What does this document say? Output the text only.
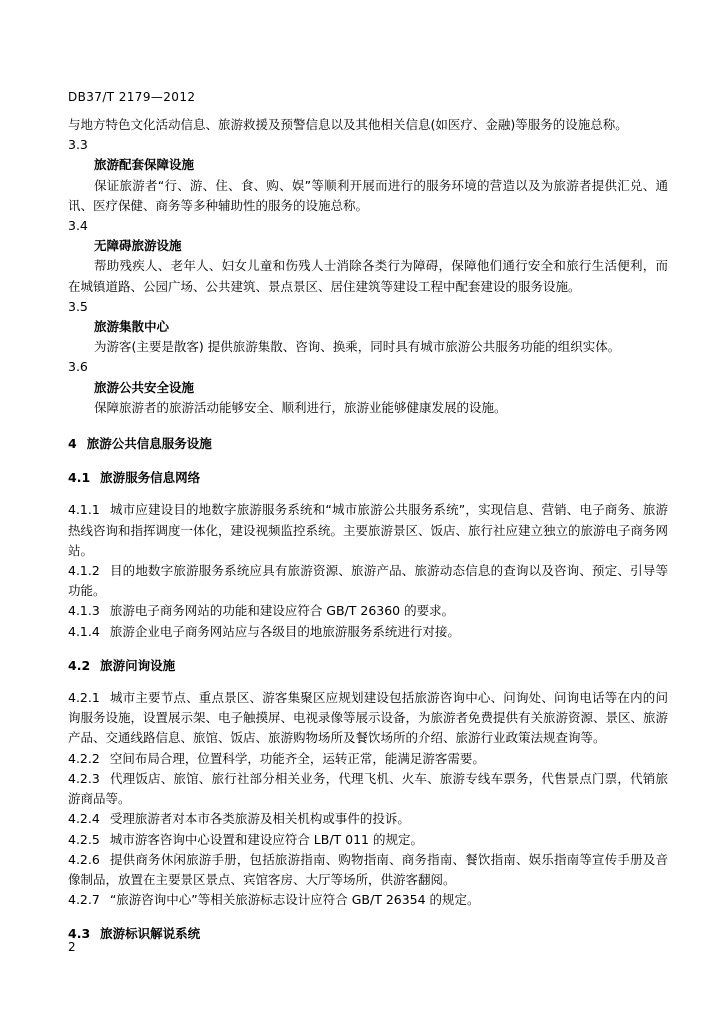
DB37/T 2179—2012
与地方特色文化活动信息、旅游救援及预警信息以及其他相关信息(如医疗、金融)等服务的设施总称。
3.3
旅游配套保障设施
保证旅游者“行、游、住、食、购、娱”等顺利开展而进行的服务环境的营造以及为旅游者提供汇兑、通讯、医疗保健、商务等多种辅助性的服务的设施总称。
3.4
无障碍旅游设施
帮助残疾人、老年人、妇女儿童和伤残人士消除各类行为障碍，保障他们通行安全和旅行生活便利，而在城镇道路、公园广场、公共建筑、景点景区、居住建筑等建设工程中配套建设的服务设施。
3.5
旅游集散中心
为游客(主要是散客) 提供旅游集散、咨询、换乘，同时具有城市旅游公共服务功能的组织实体。
3.6
旅游公共安全设施
保障旅游者的旅游活动能够安全、顺利进行，旅游业能够健康发展的设施。
4 旅游公共信息服务设施
4.1 旅游服务信息网络
4.1.1 城市应建设目的地数字旅游服务系统和“城市旅游公共服务系统”，实现信息、营销、电子商务、旅游热线咨询和指挥调度一体化，建设视频监控系统。主要旅游景区、饭店、旅行社应建立独立的旅游电子商务网站。
4.1.2 目的地数字旅游服务系统应具有旅游资源、旅游产品、旅游动态信息的查询以及咨询、预定、引导等功能。
4.1.3 旅游电子商务网站的功能和建设应符合 GB/T 26360 的要求。
4.1.4 旅游企业电子商务网站应与各级目的地旅游服务系统进行对接。
4.2 旅游问询设施
4.2.1 城市主要节点、重点景区、游客集聚区应规划建设包括旅游咨询中心、问询处、问询电话等在内的问询服务设施，设置展示架、电子触摸屏、电视录像等展示设备，为旅游者免费提供有关旅游资源、景区、旅游产品、交通线路信息、旅馆、饭店、旅游购物场所及餐饮场所的介绍、旅游行业政策法规查询等。
4.2.2 空间布局合理，位置科学，功能齐全，运转正常，能满足游客需要。
4.2.3 代理饭店、旅馆、旅行社部分相关业务，代理飞机、火车、旅游专线车票务，代售景点门票，代销旅游商品等。
4.2.4 受理旅游者对本市各类旅游及相关机构或事件的投诉。
4.2.5 城市游客咨询中心设置和建设应符合 LB/T 011 的规定。
4.2.6 提供商务休闲旅游手册，包括旅游指南、购物指南、商务指南、餐饮指南、娱乐指南等宣传手册及音像制品，放置在主要景区景点、宾馆客房、大厅等场所，供游客翻阅。
4.2.7 “旅游咨询中心”等相关旅游标志设计应符合 GB/T 26354 的规定。
4.3 旅游标识解说系统
2
